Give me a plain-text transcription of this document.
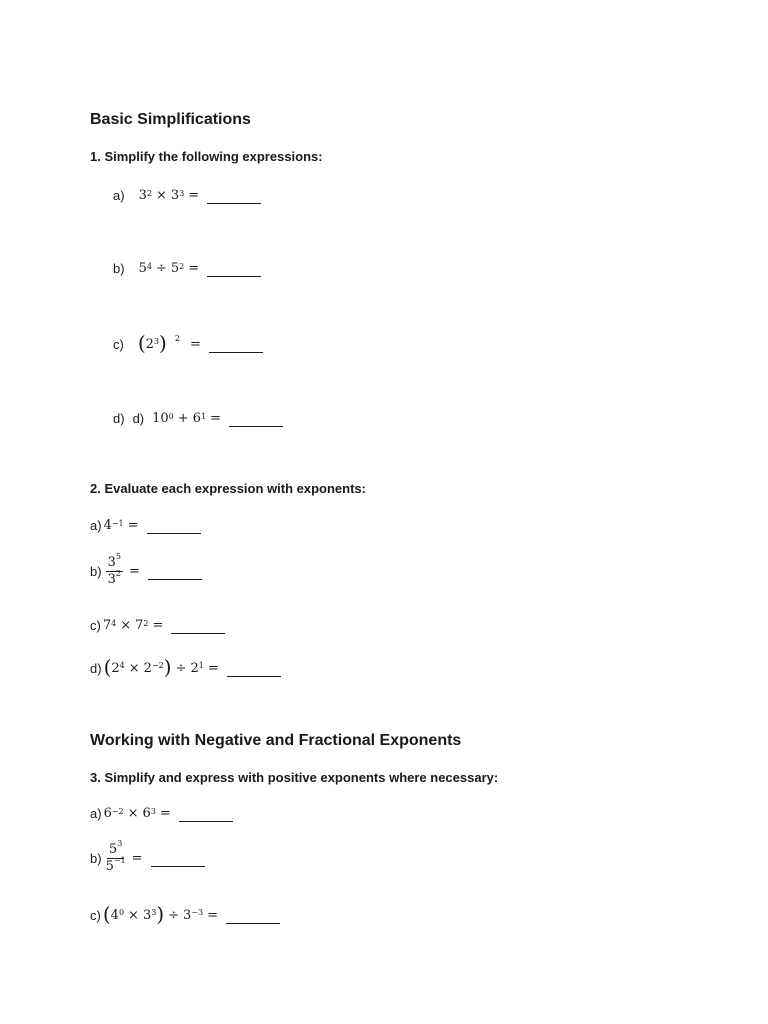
Basic Simplifications
1. Simplify the following expressions:
a) $3^2 \times 3^3$ =
b) $5^4 \div 5^2$ =
c) ( $2^3$ ) $^2$ =
d) d) $10^0 + 6^1$ =
2. Evaluate each expression with exponents:
a) $4^{-1}$ =
$b) \frac{3^5}{3^2}$ =
c) $7^4 \times 7^2$ =
d) ( $2^4 \times 2^{-2}$ ) ÷ $2^1$ =
Working with Negative and Fractional Exponents
3. Simplify and express with positive exponents where necessary:
a) $6^{-2} \times 6^3$ =
$b) \frac{5^3}{5^{-1}}$ =
c) ( $4^0 \times 3^3$ ) ÷ $3^{-3}$ =
